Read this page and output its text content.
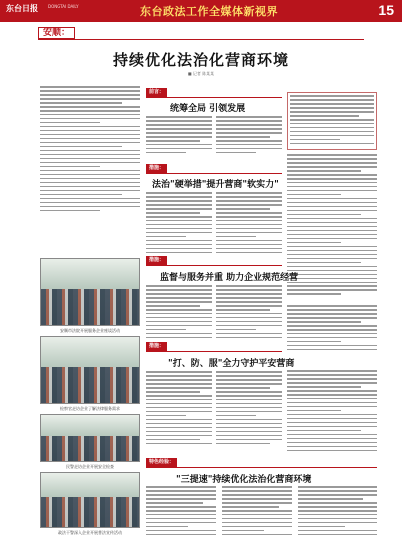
东台日报	DONGTAI DAILY	东台政法工作全媒体新视界	15
安顺：
持续优化法治化营商环境
■ 记者 陈某某
安顺市法院开展服务企业座谈活动
检察官走访企业了解法律服务需求
民警走访企业开展安全检查
政法干警深入企业开展普法宣传活动
前言：
统筹全局 引领发展
措施：
法治"硬举措"提升营商"软实力"
措施：
监督与服务并重 助力企业规范经营
措施：
"打、防、服"全力守护平安营商
特色经验：
"三提速"持续优化法治化营商环境
